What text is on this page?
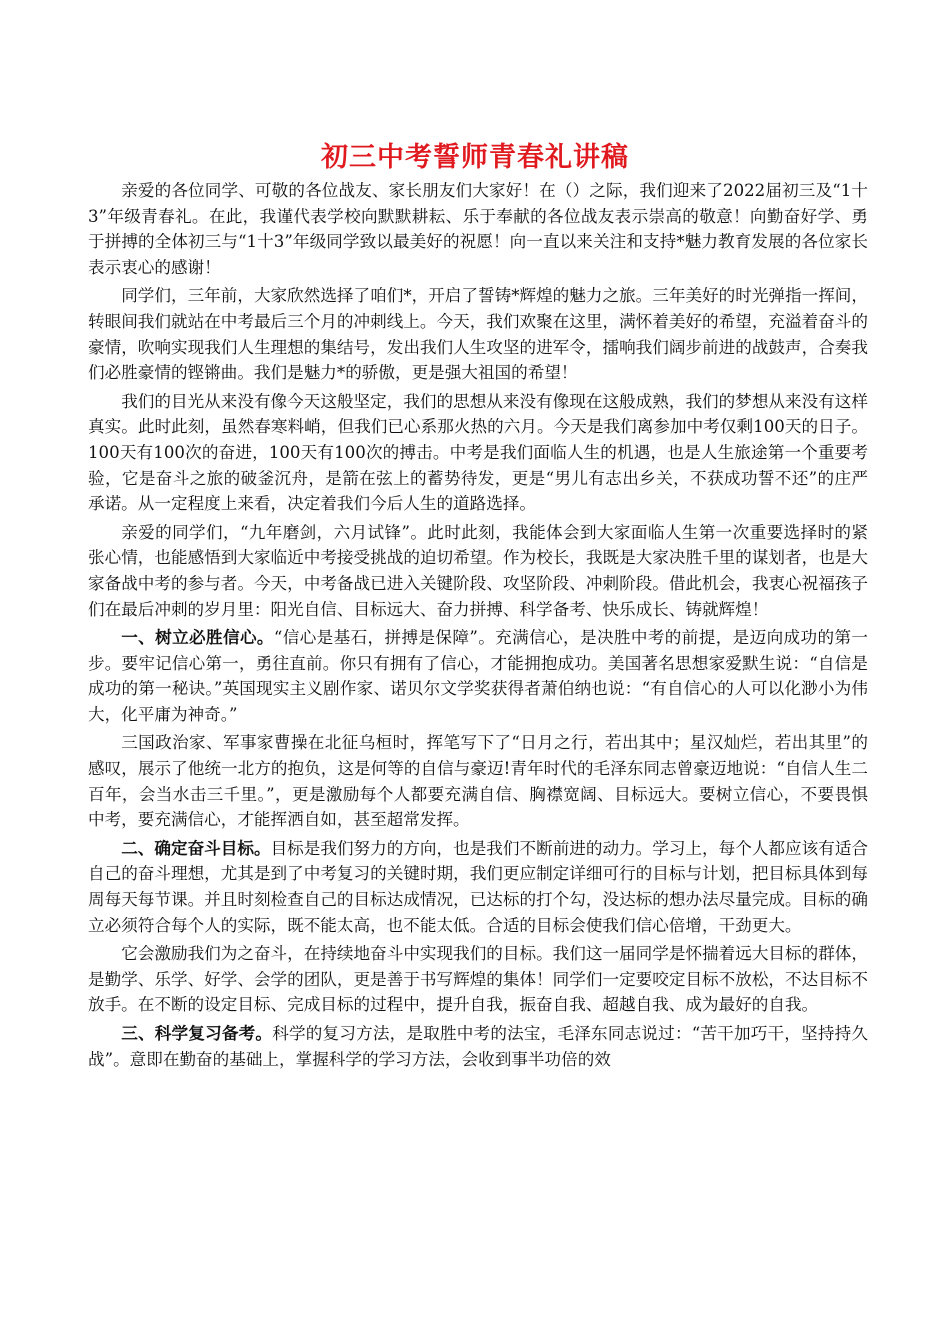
初三中考誓师青春礼讲稿

亲爱的各位同学、可敬的各位战友、家长朋友们大家好！在（）之际，我们迎来了2022届初三及“1十3”年级青春礼。在此，我谨代表学校向默默耕耘、乐于奉献的各位战友表示崇高的敬意！向勤奋好学、勇于拼搏的全体初三与“1十3”年级同学致以最美好的祝愿！向一直以来关注和支持*魅力教育发展的各位家长表示衷心的感谢！

同学们，三年前，大家欣然选择了咱们*，开启了誓铸*辉煌的魅力之旅。三年美好的时光弹指一挥间，转眼间我们就站在中考最后三个月的冲刺线上。今天，我们欢聚在这里，满怀着美好的希望，充溢着奋斗的豪情，吹响实现我们人生理想的集结号，发出我们人生攻坚的进军令，擂响我们阔步前进的战鼓声，合奏我们必胜豪情的铿锵曲。我们是魅力*的骄傲，更是强大祖国的希望！

我们的目光从来没有像今天这般坚定，我们的思想从来没有像现在这般成熟，我们的梦想从来没有这样真实。此时此刻，虽然春寒料峭，但我们已心系那火热的六月。今天是我们离参加中考仅剩100天的日子。100天有100次的奋进，100天有100次的搏击。中考是我们面临人生的机遇，也是人生旅途第一个重要考验，它是奋斗之旅的破釜沉舟，是箭在弦上的蓄势待发，更是“男儿有志出乡关，不获成功誓不还”的庄严承诺。从一定程度上来看，决定着我们今后人生的道路选择。

亲爱的同学们，“九年磨剑，六月试锋”。此时此刻，我能体会到大家面临人生第一次重要选择时的紧张心情，也能感悟到大家临近中考接受挑战的迫切希望。作为校长，我既是大家决胜千里的谋划者，也是大家备战中考的参与者。今天，中考备战已进入关键阶段、攻坚阶段、冲刺阶段。借此机会，我衷心祝福孩子们在最后冲刺的岁月里：阳光自信、目标远大、奋力拼搏、科学备考、快乐成长、铸就辉煌！

一、树立必胜信心。“信心是基石，拼搏是保障”。充满信心，是决胜中考的前提，是迈向成功的第一步。要牢记信心第一，勇往直前。你只有拥有了信心，才能拥抱成功。美国著名思想家爱默生说：“自信是成功的第一秘诀。”英国现实主义剧作家、诺贝尔文学奖获得者萧伯纳也说：“有自信心的人可以化渺小为伟大，化平庸为神奇。”

三国政治家、军事家曹操在北征乌桓时，挥笔写下了“日月之行，若出其中；星汉灿烂，若出其里”的感叹，展示了他统一北方的抱负，这是何等的自信与豪迈!青年时代的毛泽东同志曾豪迈地说：“自信人生二百年，会当水击三千里。”，更是激励每个人都要充满自信、胸襟宽阔、目标远大。要树立信心，不要畏惧中考，要充满信心，才能挥洒自如，甚至超常发挥。

二、确定奋斗目标。目标是我们努力的方向，也是我们不断前进的动力。学习上，每个人都应该有适合自己的奋斗理想，尤其是到了中考复习的关键时期，我们更应制定详细可行的目标与计划，把目标具体到每周每天每节课。并且时刻检查自己的目标达成情况，已达标的打个勾，没达标的想办法尽量完成。目标的确立必须符合每个人的实际，既不能太高，也不能太低。合适的目标会使我们信心倍增，干劲更大。

它会激励我们为之奋斗，在持续地奋斗中实现我们的目标。我们这一届同学是怀揣着远大目标的群体，是勤学、乐学、好学、会学的团队，更是善于书写辉煌的集体！同学们一定要咬定目标不放松，不达目标不放手。在不断的设定目标、完成目标的过程中，提升自我，振奋自我、超越自我、成为最好的自我。

三、科学复习备考。科学的复习方法，是取胜中考的法宝，毛泽东同志说过：“苦干加巧干，坚持持久战”。意即在勤奋的基础上，掌握科学的学习方法，会收到事半功倍的效
